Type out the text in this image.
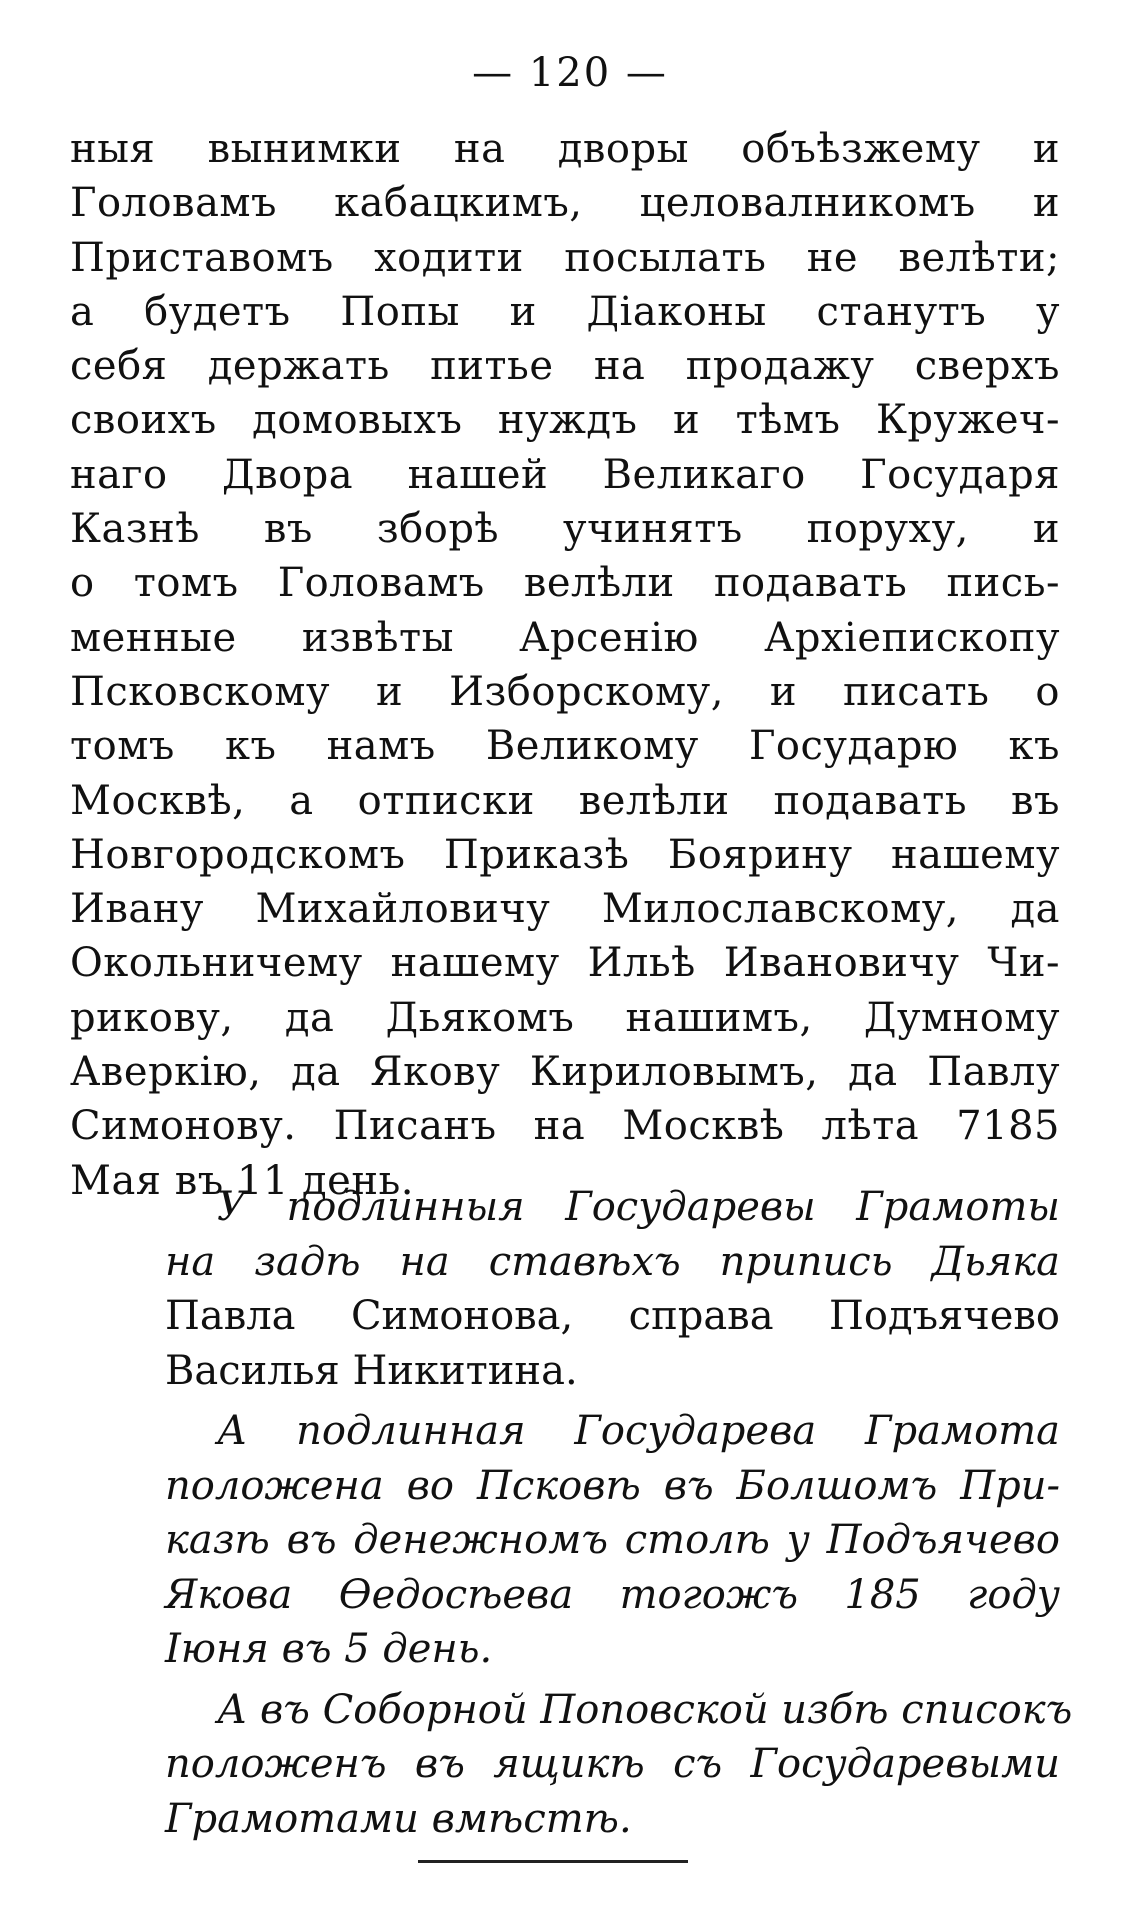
— 120 —
ныя вынимки на дворы объѣзжему и
Головамъ кабацкимъ, целовалникомъ и
Приставомъ ходити посылать не велѣти;
а будетъ Попы и Діаконы станутъ у
себя держать питье на продажу сверхъ
своихъ домовыхъ нуждъ и тѣмъ Кружеч-
наго Двора нашей Великаго Государя
Казнѣ въ зборѣ учинятъ поруху, и
о томъ Головамъ велѣли подавать пись-
менные извѣты Арсенію Архіепископу
Псковскому и Изборскому, и писать о
томъ къ намъ Великому Государю къ
Москвѣ, а отписки велѣли подавать въ
Новгородскомъ Приказѣ Боярину нашему
Ивану Михайловичу Милославскому, да
Окольничему нашему Ильѣ Ивановичу Чи-
рикову, да Дьякомъ нашимъ, Думному
Аверкію, да Якову Кириловымъ, да Павлу
Симонову. Писанъ на Москвѣ лѣта 7185
Мая въ 11 день.
У подлинныя Государевы Грамоты
на задѣ на ставѣхъ припись Дьяка
Павла Симонова, справа Подъячево
Василья Никитина.
А подлинная Государева Грамота
положена во Псковѣ въ Болшомъ При-
казѣ въ денежномъ столѣ у Подъячево
Якова Ѳедосѣева тогожъ 185 году
Іюня въ 5 день.
А въ Соборной Поповской избѣ списокъ
положенъ въ ящикѣ съ Государевыми
Грамотами вмѣстѣ.
